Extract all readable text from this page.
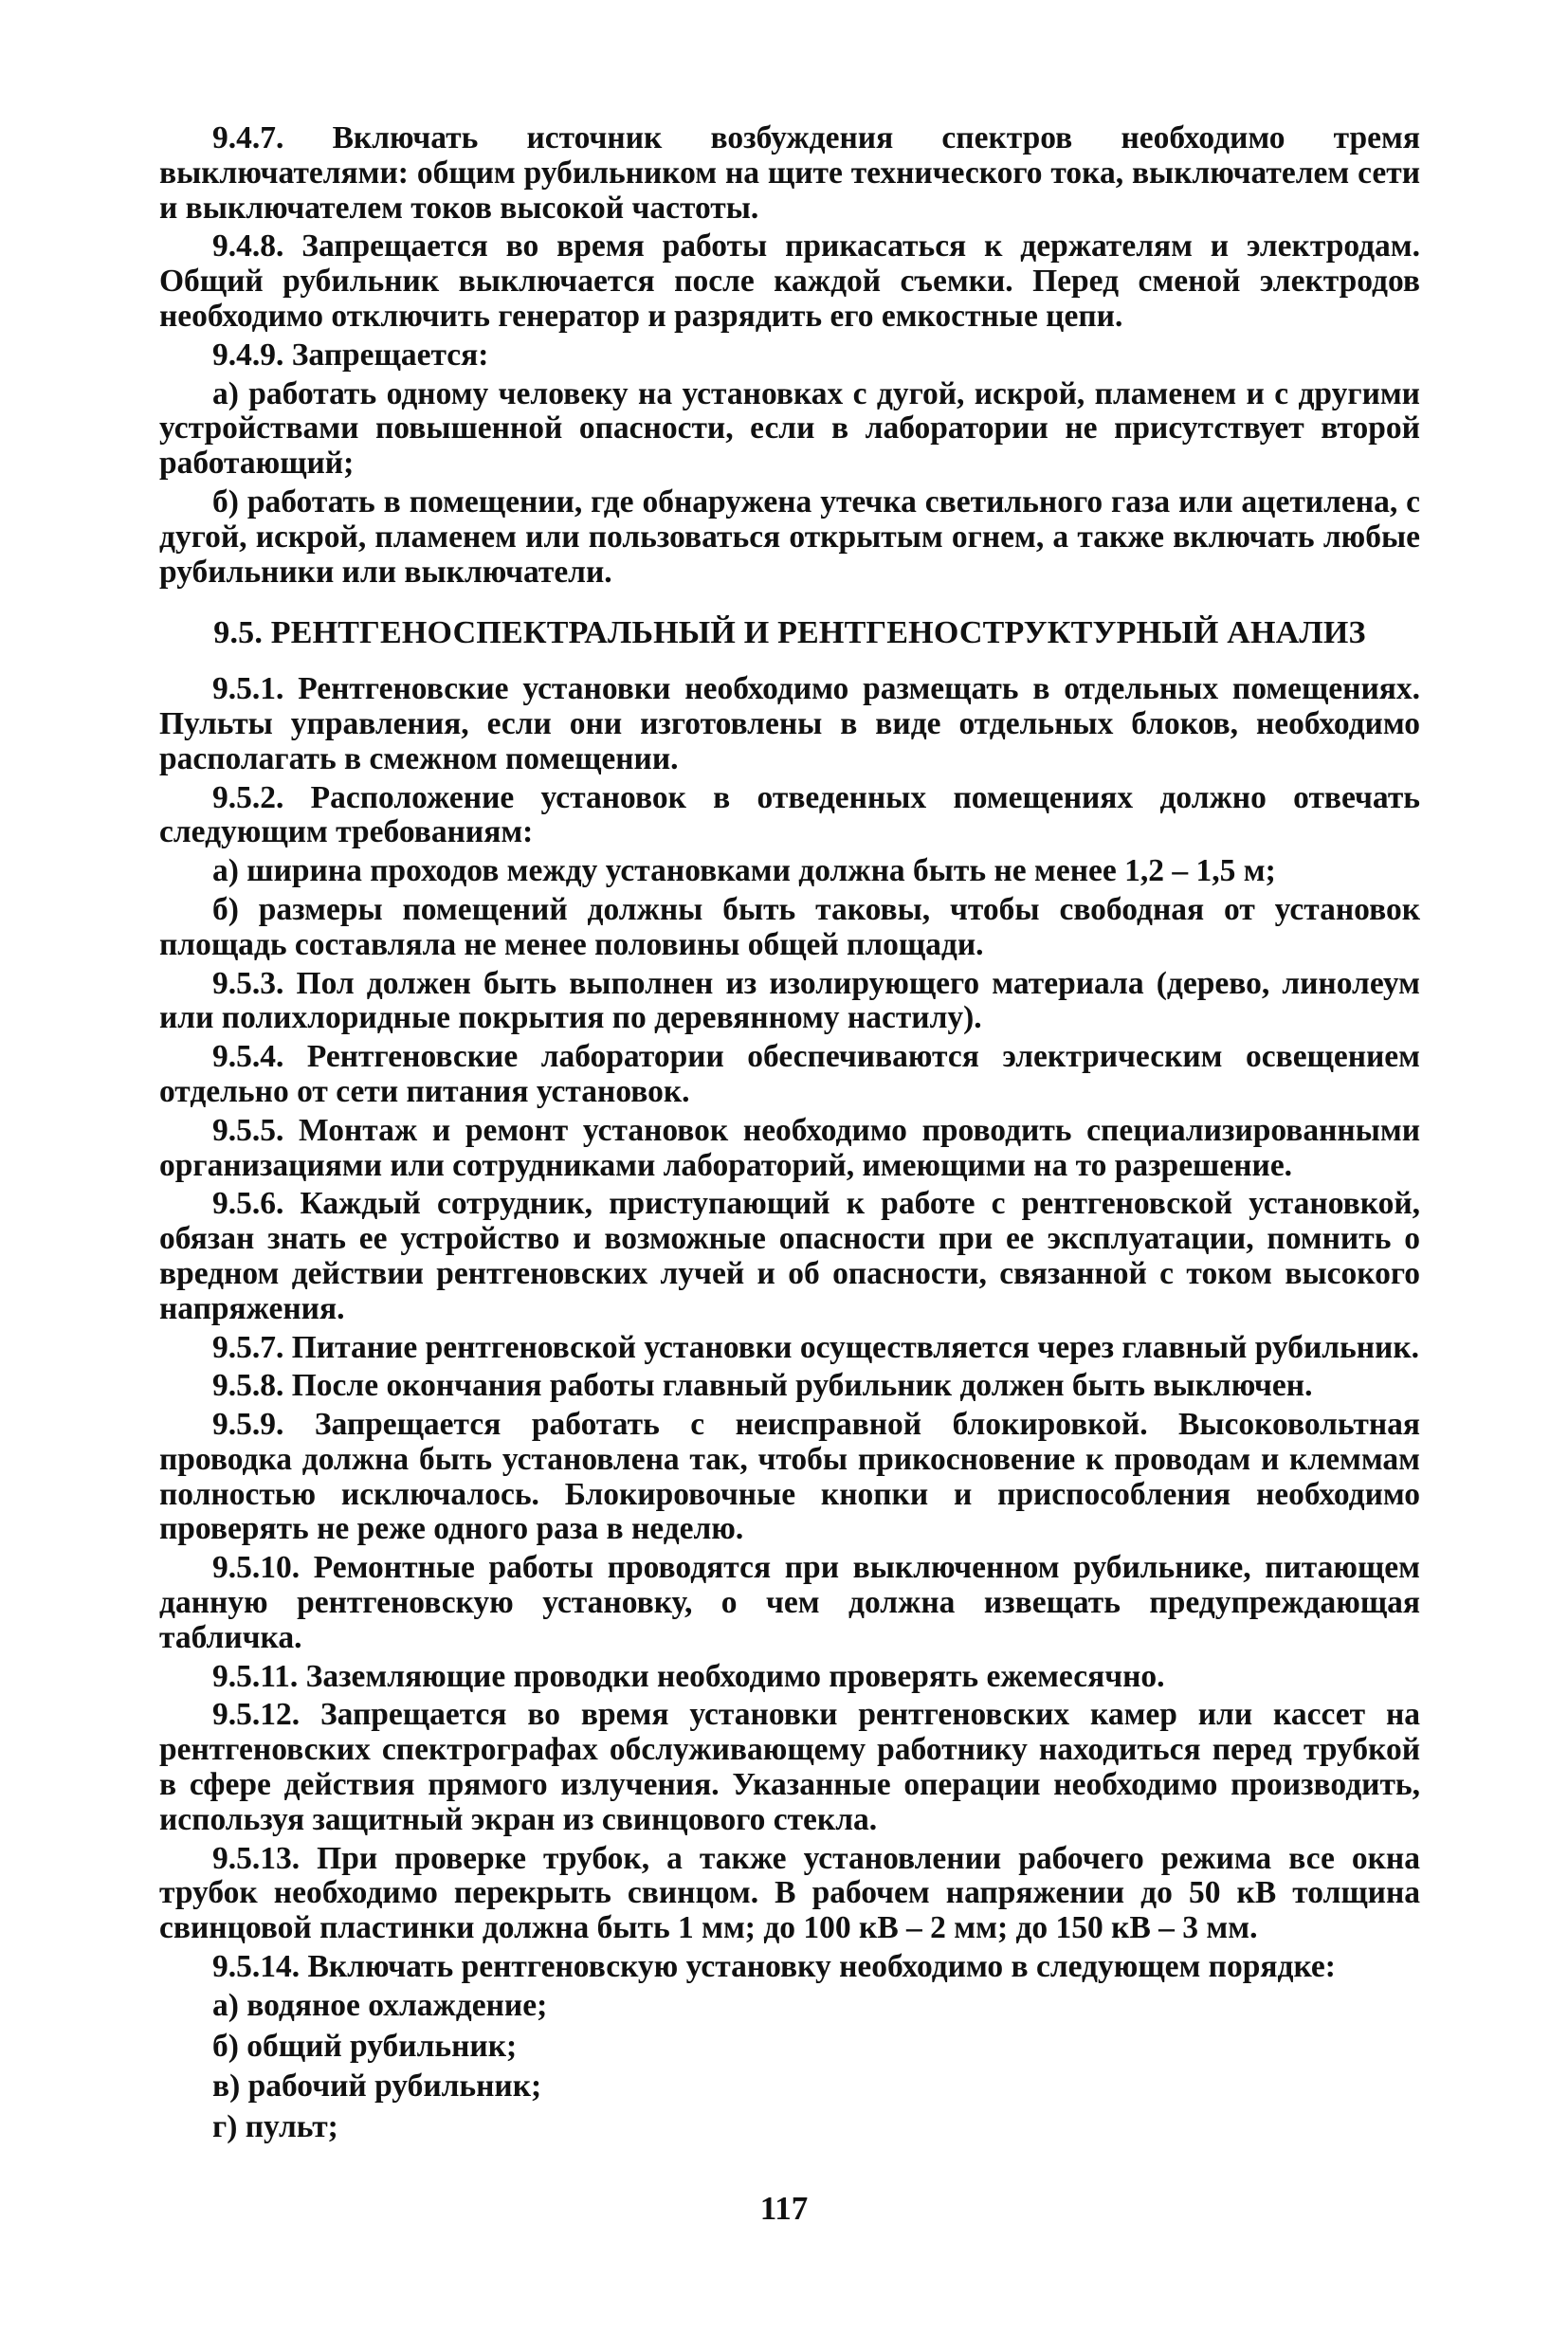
9.4.7. Включать источник возбуждения спектров необходимо тремя выключателями: общим рубильником на щите технического тока, выключателем сети и выключателем токов высокой частоты.

9.4.8. Запрещается во время работы прикасаться к держателям и электродам. Общий рубильник выключается после каждой съемки. Перед сменой электродов необходимо отключить генератор и разрядить его емкостные цепи.

9.4.9. Запрещается:

а) работать одному человеку на установках с дугой, искрой, пламенем и с другими устройствами повышенной опасности, если в лаборатории не присутствует второй работающий;

б) работать в помещении, где обнаружена утечка светильного газа или ацетилена, с дугой, искрой, пламенем или пользоваться открытым огнем, а также включать любые рубильники или выключатели.

9.5. РЕНТГЕНОСПЕКТРАЛЬНЫЙ И РЕНТГЕНОСТРУКТУРНЫЙ АНАЛИЗ

9.5.1. Рентгеновские установки необходимо размещать в отдельных помещениях. Пульты управления, если они изготовлены в виде отдельных блоков, необходимо располагать в смежном помещении.

9.5.2. Расположение установок в отведенных помещениях должно отвечать следующим требованиям:

а) ширина проходов между установками должна быть не менее 1,2 – 1,5 м;

б) размеры помещений должны быть таковы, чтобы свободная от установок площадь составляла не менее половины общей площади.

9.5.3. Пол должен быть выполнен из изолирующего материала (дерево, линолеум или полихлоридные покрытия по деревянному настилу).

9.5.4. Рентгеновские лаборатории обеспечиваются электрическим освещением отдельно от сети питания установок.

9.5.5. Монтаж и ремонт установок необходимо проводить специализированными организациями или сотрудниками лабораторий, имеющими на то разрешение.

9.5.6. Каждый сотрудник, приступающий к работе с рентгеновской установкой, обязан знать ее устройство и возможные опасности при ее эксплуатации, помнить о вредном действии рентгеновских лучей и об опасности, связанной с током высокого напряжения.

9.5.7. Питание рентгеновской установки осуществляется через главный рубильник.

9.5.8. После окончания работы главный рубильник должен быть выключен.

9.5.9. Запрещается работать с неисправной блокировкой. Высоковольтная проводка должна быть установлена так, чтобы прикосновение к проводам и клеммам полностью исключалось. Блокировочные кнопки и приспособления необходимо проверять не реже одного раза в неделю.

9.5.10. Ремонтные работы проводятся при выключенном рубильнике, питающем данную рентгеновскую установку, о чем должна извещать предупреждающая табличка.

9.5.11. Заземляющие проводки необходимо проверять ежемесячно.

9.5.12. Запрещается во время установки рентгеновских камер или кассет на рентгеновских спектрографах обслуживающему работнику находиться перед трубкой в сфере действия прямого излучения. Указанные операции необходимо производить, используя защитный экран из свинцового стекла.

9.5.13. При проверке трубок, а также установлении рабочего режима все окна трубок необходимо перекрыть свинцом. В рабочем напряжении до 50 кВ толщина свинцовой пластинки должна быть 1 мм; до 100 кВ – 2 мм; до 150 кВ – 3 мм.

9.5.14. Включать рентгеновскую установку необходимо в следующем порядке:

а) водяное охлаждение;

б) общий рубильник;

в) рабочий рубильник;

г) пульт;

117
